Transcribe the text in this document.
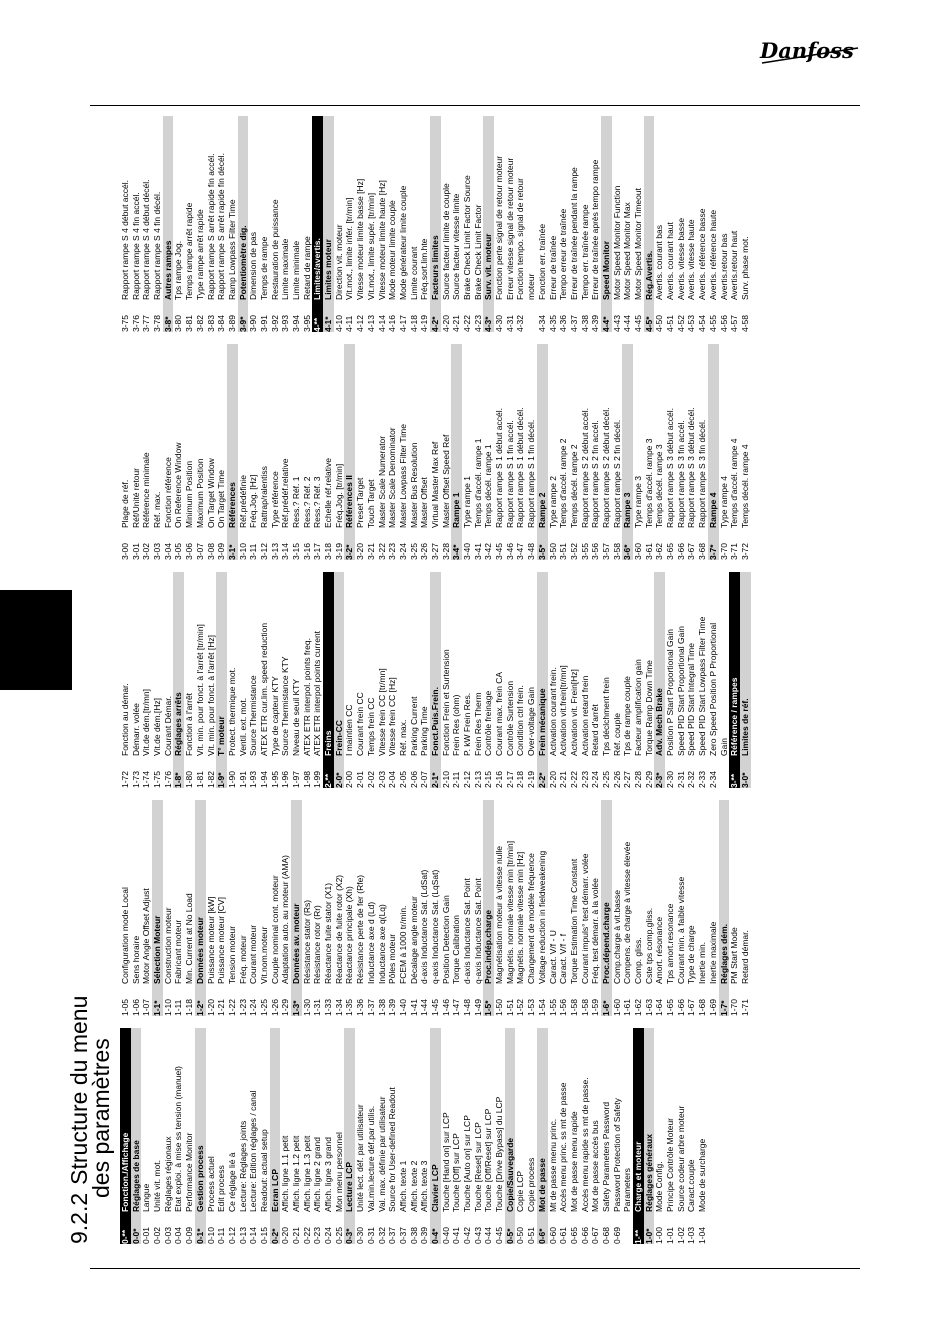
Danfoss
9.2.2Structure du menu
des paramètres
0-**
Fonction./Affichage
0-0*
Réglages de base
0-01
Langue
0-02
Unité vit. mot.
0-03
Réglages régionaux
0-04
Etat exploi. à mise ss tension (manuel)
0-09
Performance Monitor
0-1*
Gestion process
0-10
Process actuel
0-11
Edit process
0-12
Ce réglage lié à
0-13
Lecture: Réglages joints
0-14
Lecture: Edition réglages / canal
0-15
Readout: actual setup
0-2*
Ecran LCP
0-20
Affich. ligne 1.1 petit
0-21
Affich. ligne 1.2 petit
0-22
Affich. ligne 1.3 petit
0-23
Affich. ligne 2 grand
0-24
Affich. ligne 3 grand
0-25
Mon menu personnel
0-3*
Lecture LCP
0-30
Unité lect. déf. par utilisateur
0-31
Val.min.lecture déf.par utilis.
0-32
Val. max. définie par utilisateur
0-37
Source for User-defined Readout
0-37
Affich. texte 1
0-38
Affich. texte 2
0-39
Affich. texte 3
0-4*
Clavier LCP
0-40
Touche [Hand on] sur LCP
0-41
Touche [Off] sur LCP
0-42
Touche [Auto on] sur LCP
0-43
Touche [Reset] sur LCP
0-44
Touche [Off/Reset] sur LCP
0-45
Touche [Drive Bypass] du LCP
0-5*
Copie/Sauvegarde
0-50
Copie LCP
0-51
Copie process
0-6*
Mot de passe
0-60
Mt de passe menu princ.
0-61
Accès menu princ. ss mt de passe
0-65
Mot de passe menu rapide
0-66
Accès menu rapide ss mt de passe.
0-67
Mot de passe accès bus
0-68
Safety Parameters Password
0-69
Password Protection of Safety Parameters
1-**
Charge et moteur
1-0*
Réglages généraux
1-00
Mode Config.
1-01
Principe Contrôle Moteur
1-02
Source codeur arbre moteur
1-03
Caract.couple
1-04
Mode de surcharge
1-05
Configuration mode Local
1-06
Sens horaire
1-07
Motor Angle Offset Adjust
1-1*
Sélection Moteur
1-10
Construction moteur
1-11
Fabricant moteur
1-18
Min. Current at No Load
1-2*
Données moteur
1-20
Puissance moteur [kW]
1-21
Puissance moteur [CV]
1-22
Tension moteur
1-23
Fréq. moteur
1-24
Courant moteur
1-25
Vit.nom.moteur
1-26
Couple nominal cont. moteur
1-29
Adaptation auto. au moteur (AMA)
1-3*
Données av. moteur
1-30
Résistance stator (Rs)
1-31
Résistance rotor (Rr)
1-33
Réactance fuite stator (X1)
1-34
Réactance de fuite rotor (X2)
1-35
Réactance principale (Xh)
1-36
Résistance perte de fer (Rfe)
1-37
Inductance axe d (Ld)
1-38
Inductance axe q(Lq)
1-39
Pôles moteur
1-40
FCEM à 1000 tr/min.
1-41
Décalage angle moteur
1-44
d-axis Inductance Sat. (LdSat)
1-45
q-axis Inductance Sat. (LqSat)
1-46
Position Detection Gain
1-47
Torque Calibration
1-48
d-axis Inductance Sat. Point
1-49
q-axis Inductance Sat. Point
1-5*
Proc.indép.charge
1-50
Magnétisation moteur à vitesse nulle
1-51
Magnétis. normale vitesse min [tr/min]
1-52
Magnétis. normale vitesse min [Hz]
1-53
Changement de modèle fréquence
1-54
Voltage reduction in fieldweakening
1-55
Caract. V/f - U
1-56
Caract. V/f - f
1-58
Torque Estimation Time Constant
1-58
Courant impuls° test démarr. volée
1-59
Fréq. test démarr. à la volée
1-6*
Proc.dépend.charge
1-60
Comp.charge à vit.basse
1-61
Compens. de charge à vitesse élevée
1-62
Comp. gliss.
1-63
Cste tps comp.gliss.
1-64
Amort. résonance
1-65
Tps amort.resonance
1-66
Courant min. à faible vitesse
1-67
Type de charge
1-68
Inertie min.
1-69
Inertie maximale
1-7*
Réglages dém.
1-70
PM Start Mode
1-71
Retard démar.
1-72
Fonction au démar.
1-73
Démarr. volée
1-74
Vit.de dém.[tr/mn]
1-75
Vit.de dém.[Hz]
1-76
Courant Démar.
1-8*
Réglages arrêts
1-80
Fonction à l'arrêt
1-81
Vit. min. pour fonct. à l'arrêt [tr/min]
1-82
Vit. min. pour fonct. à l'arrêt [Hz]
1-9*
T° moteur
1-90
Protect. thermique mot.
1-91
Ventil. ext. mot.
1-93
Source Thermistance
1-94
ATEX ETR cur.lim. speed reduction
1-95
Type de capteur KTY
1-96
Source Thermistance KTY
1-97
Niveau de seuil KTY
1-98
ATEX ETR interpol. points freq.
1-99
ATEX ETR interpol points current
2-**
Freins
2-0*
Frein-CC
2-00
I maintien CC
2-01
Courant frein CC
2-02
Temps frein CC
2-03
Vitesse frein CC [tr/mn]
2-04
Vitesse frein CC [Hz]
2-05
Réf. max.
2-06
Parking Current
2-07
Parking Time
2-1*
Fonct.Puis.Frein.
2-10
Fonction Frein et Surtension
2-11
Frein Res (ohm)
2-12
P. kW Frein Res.
2-13
Frein Res Therm
2-15
Contrôle freinage
2-16
Courant max. frein CA
2-17
Contrôle Surtension
2-18
Condition ctrl frein.
2-19
Over-voltage Gain
2-2*
Frein mécanique
2-20
Activation courant frein.
2-21
Activation vit.frein[tr/mn]
2-22
Activation vit. Frein[Hz]
2-23
Activation retard frein
2-24
Retard d'arrêt
2-25
Tps déclchment frein
2-26
Réf. couple
2-27
Tps de rampe couple
2-28
Facteur amplification gain
2-29
Torque Ramp Down Time
2-3*
Adv. Mech Brake
2-30
Position P Start Proportional Gain
2-31
Speed PID Start Proportional Gain
2-32
Speed PID Start Integral Time
2-33
Speed PID Start Lowpass Filter Time
2-34
Zero Speed Position P Proportional Gain
3-**
Référence / rampes
3-0*
Limites de réf.
3-00
Plage de réf.
3-01
Réf/Unité retour
3-02
Référence minimale
3-03
Réf. max.
3-04
Fonction référence
3-05
On Reference Window
3-06
Minimum Position
3-07
Maximum Position
3-08
On Target Window
3-09
On Target Time
3-1*
Références
3-10
Réf.prédéfinie
3-11
Fréq.Jog. [Hz]
3-12
Rattrap/ralentiss
3-13
Type référence
3-14
Réf.prédéf.relative
3-15
Ress.? Réf. 1
3-16
Ress.? Réf. 2
3-17
Ress.? Réf. 3
3-18
Echelle réf.relative
3-19
Fréq.Jog. [tr/min]
3-2*
Références II
3-20
Preset Target
3-21
Touch Target
3-22
Master Scale Numerator
3-23
Master Scale Denominator
3-24
Master Lowpass Filter Time
3-25
Master Bus Resolution
3-26
Master Offset
3-27
Virtual Master Max Ref
3-28
Master Offset Speed Ref
3-4*
Rampe 1
3-40
Type rampe 1
3-41
Temps d'accél. rampe 1
3-42
Temps décél. rampe 1
3-45
Rapport rampe S 1 début accél.
3-46
Rapport rampe S 1 fin accél.
3-47
Rapport rampe S 1 début décél.
3-48
Rapport rampe S 1 fin décél.
3-5*
Rampe 2
3-50
Type rampe 2
3-51
Temps d'accél. rampe 2
3-52
Temps décél. rampe 2
3-55
Rapport rampe S 2 début accél.
3-56
Rapport rampe S 2 fin accél.
3-57
Rapport rampe S 2 début décél.
3-58
Rapport rampe S 2 fin décél.
3-6*
Rampe 3
3-60
Type rampe 3
3-61
Temps d'accél. rampe 3
3-62
Temps décél. rampe 3
3-65
Rapport rampe S 3 début accél.
3-66
Rapport rampe S 3 fin accél.
3-67
Rapport rampe S 3 début décél.
3-68
Rapport rampe S 3 fin décél.
3-7*
Rampe 4
3-70
Type rampe 4
3-71
Temps d'accél. rampe 4
3-72
Temps décél. rampe 4
3-75
Rapport rampe S 4 début accél.
3-76
Rapport rampe S 4 fin accél.
3-77
Rapport rampe S 4 début décél.
3-78
Rapport rampe S 4 fin décél.
3-8*
Autres rampes
3-80
Tps rampe Jog.
3-81
Temps rampe arrêt rapide
3-82
Type rampe arrêt rapide
3-83
Rapport rampe S arrêt rapide fin accél.
3-84
Rapport rampe S arrêt rapide fin décél.
3-89
Ramp Lowpass Filter Time
3-9*
Potentiomètre dig.
3-90
Dimension de pas
3-91
Temps de rampe
3-92
Restauration de puissance
3-93
Limite maximale
3-94
Limite minimale
3-95
Retard de rampe
4-**
Limites/avertis.
4-1*
Limites moteur
4-10
Direction vit. moteur
4-11
Vit.mot., limite infér. [tr/min]
4-12
Vitesse moteur limite basse [Hz]
4-13
Vit.mot., limite supér. [tr/min]
4-14
Vitesse moteur limite haute [Hz]
4-16
Mode moteur limite couple
4-17
Mode générateur limite couple
4-18
Limite courant
4-19
Fréq.sort.lim.hte
4-2*
Facteurs limites
4-20
Source facteur limite de couple
4-21
Source facteur vitesse limite
4-22
Brake Check Limit Factor Source
4-23
Brake Check Limit Factor
4-3*
Surv. vit. moteur
4-30
Fonction perte signal de retour moteur
4-31
Erreur vitesse signal de retour moteur
4-32
Fonction tempo. signal de retour moteur
4-34
Fonction err. traînée
4-35
Erreur de traînée
4-36
Tempo erreur de traînée
4-37
Erreur de traînée pendant la rampe
4-38
Tempo err. traînée rampe
4-39
Erreur de traînée après tempo rampe
4-4*
Speed Monitor
4-43
Motor Speed Monitor Function
4-44
Motor Speed Monitor Max
4-45
Motor Speed Monitor Timeout
4-5*
Rég.Avertis.
4-50
Avertis. courant bas
4-51
Avertis. courant haut
4-52
Avertis. vitesse basse
4-53
Avertis. vitesse haute
4-54
Avertis. référence basse
4-55
Avertis. référence haute
4-56
Avertis.retour bas
4-57
Avertis.retour haut
4-58
Surv. phase mot.
